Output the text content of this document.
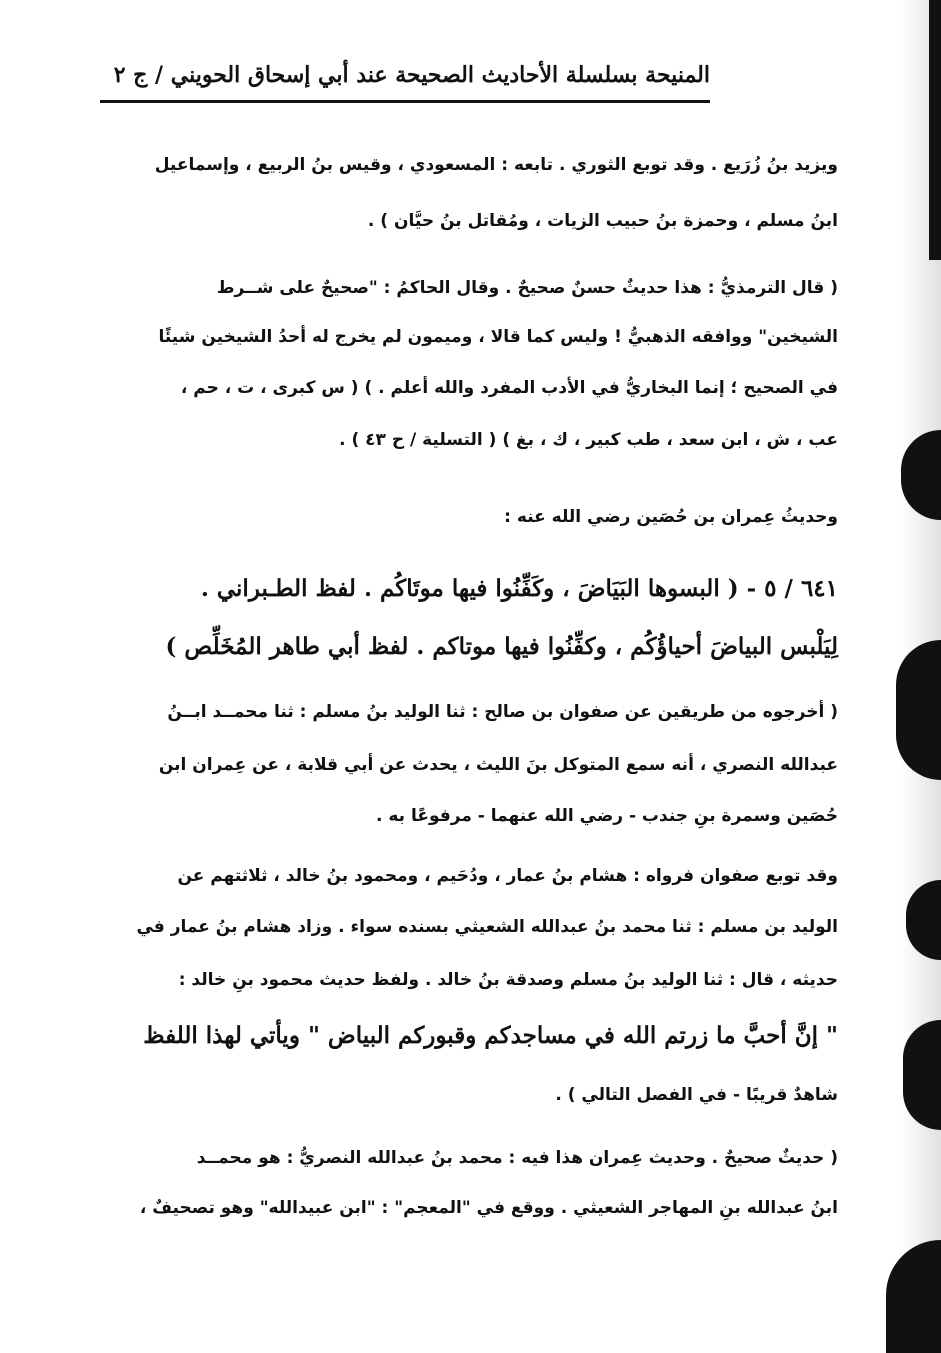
المنيحة بسلسلة الأحاديث الصحيحة عند أبي إسحاق الحويني / ج ٢
ويزيد بنُ زُرَيع . وقد توبع الثوري . تابعه : المسعودي ، وقيس بنُ الربيع ، وإسماعيل
ابنُ مسلم ، وحمزة بنُ حبيب الزيات ، ومُقاتل بنُ حيَّان ) .
( قال الترمذيُّ : هذا حديثٌ حسنٌ صحيحٌ . وقال الحاكمُ : "صحيحٌ على شــرط
الشيخين" ووافقه الذهبيُّ ! وليس كما قالا ، وميمون لم يخرج له أحدُ الشيخين شيئًا
في الصحيح ؛ إنما البخاريُّ في الأدب المفرد والله أعلم . ) ( س كبرى ، ت ، حم ،
عب ، ش ، ابن سعد ، طب كبير ، ك ، بغ ) ( التسلية / ح ٤٣ ) .
وحديثُ عِمران بن حُصَين رضي الله عنه :
٦٤١ / ٥ - ( البسوها البَيَاضَ ، وكَفِّنُوا فيها موتَاكُم . لفظ الطـبراني .
لِيَلْبس البياضَ أحياؤُكُم ، وكفِّنُوا فيها موتاكم . لفظ أبي طاهر المُخَلِّص )
( أخرجوه من طريقين عن صفوان بن صالح : ثنا الوليد بنُ مسلم : ثنا محمــد ابــنُ
عبدالله النصري ، أنه سمع المتوكل بنَ الليث ، يحدث عن أبي قلابة ، عن عِمران ابن
حُصَين وسمرة بنِ جندب - رضي الله عنهما - مرفوعًا به .
وقد توبع صفوان فرواه : هشام بنُ عمار ، ودُحَيم ، ومحمود بنُ خالد ، ثلاثتهم عن
الوليد بن مسلم : ثنا محمد بنُ عبدالله الشعيثي بسنده سواء . وزاد هشام بنُ عمار في
حديثه ، قال : ثنا الوليد بنُ مسلم وصدقة بنُ خالد . ولفظ حديث محمود بنِ خالد :
" إنَّ أحبَّ ما زرتم الله في مساجدكم وقبوركم البياض " ويأتي لهذا اللفظ
شاهدٌ قريبًا - في الفصل التالي ) .
( حديثٌ صحيحٌ . وحديث عِمران هذا فيه : محمد بنُ عبدالله النصريُّ : هو محمــد
ابنُ عبدالله بنِ المهاجر الشعيثي . ووقع في "المعجم" : "ابن عبيدالله" وهو تصحيفٌ ،
